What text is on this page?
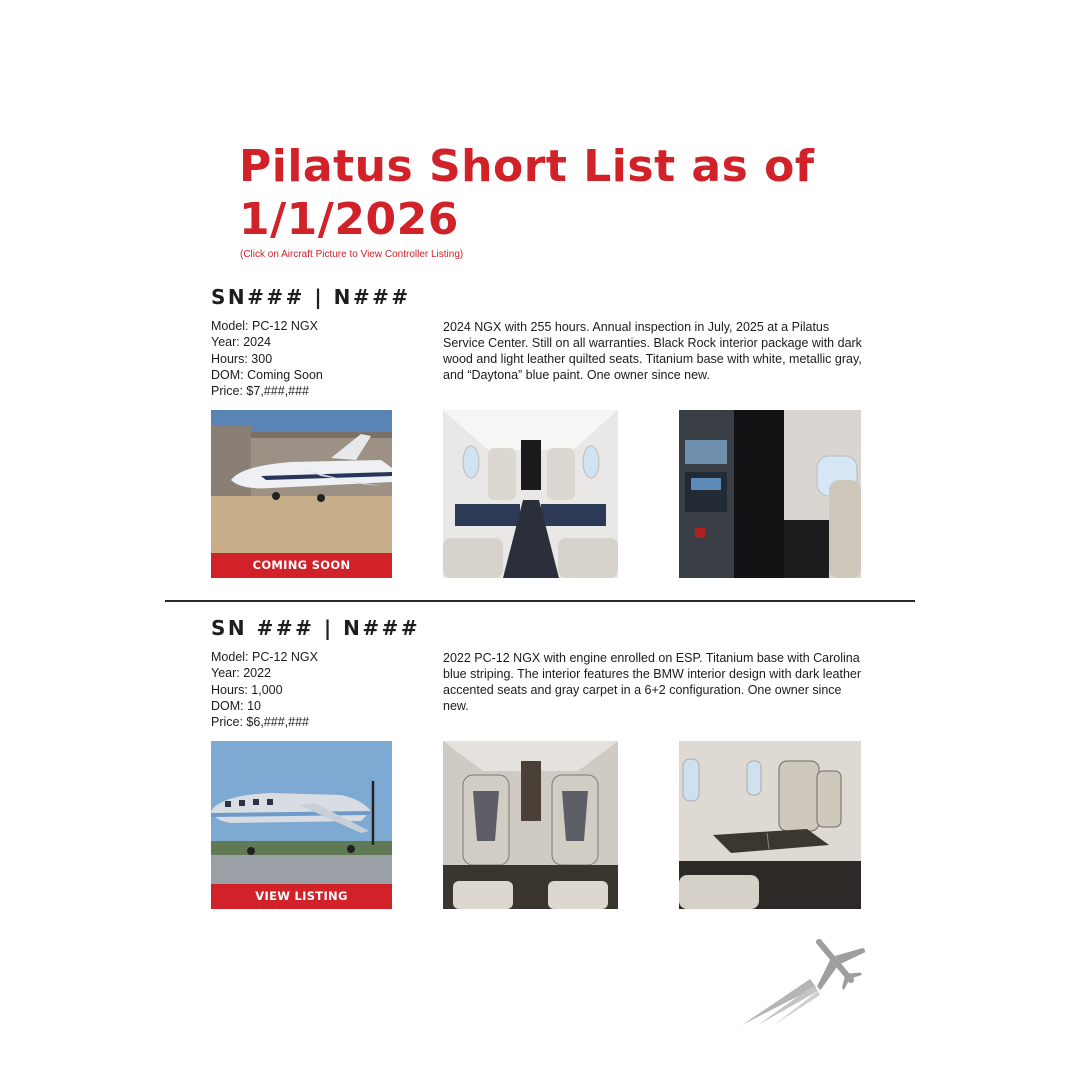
Pilatus Short List as of 1/1/2026
(Click on Aircraft Picture to View Controller Listing)
SN### | N###
Model: PC-12 NGX
Year: 2024
Hours: 300
DOM: Coming Soon
Price: $7,###,###
2024 NGX with 255 hours. Annual inspection in July, 2025 at a Pilatus Service Center. Still on all warranties. Black Rock interior package with dark wood and light leather quilted seats. Titanium base with white, metallic gray, and “Daytona” blue paint. One owner since new.
COMING SOON
SN ### | N###
Model: PC-12 NGX
Year: 2022
Hours: 1,000
DOM: 10
Price: $6,###,###
2022 PC-12 NGX with engine enrolled on ESP. Titanium base with Carolina blue striping. The interior features the BMW interior design with dark leather accented seats and gray carpet in a 6+2 configuration. One owner since new.
VIEW LISTING
